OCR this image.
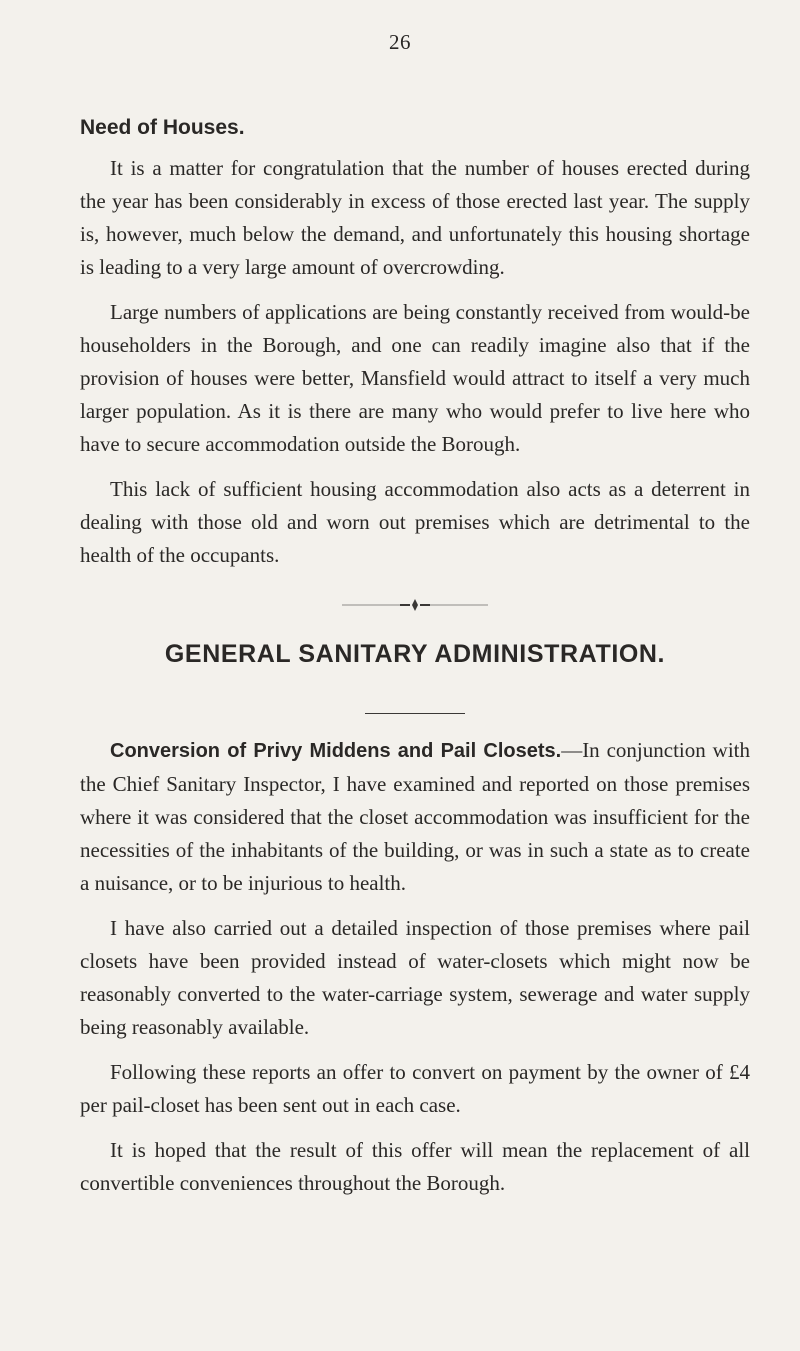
26
Need of Houses.

It is a matter for congratulation that the number of houses erected during the year has been considerably in excess of those erected last year. The supply is, however, much below the demand, and unfortunately this housing shortage is leading to a very large amount of overcrowding.

Large numbers of applications are being constantly received from would-be householders in the Borough, and one can readily imagine also that if the provision of houses were better, Mansfield would attract to itself a very much larger population. As it is there are many who would prefer to live here who have to secure accommodation outside the Borough.

This lack of sufficient housing accommodation also acts as a deterrent in dealing with those old and worn out premises which are detrimental to the health of the occupants.

GENERAL SANITARY ADMINISTRATION.

Conversion of Privy Middens and Pail Closets.—In conjunction with the Chief Sanitary Inspector, I have examined and reported on those premises where it was considered that the closet accommodation was insufficient for the necessities of the inhabitants of the building, or was in such a state as to create a nuisance, or to be injurious to health.

I have also carried out a detailed inspection of those premises where pail closets have been provided instead of water-closets which might now be reasonably converted to the water-carriage system, sewerage and water supply being reasonably available.

Following these reports an offer to convert on payment by the owner of £4 per pail-closet has been sent out in each case.

It is hoped that the result of this offer will mean the replacement of all convertible conveniences throughout the Borough.
